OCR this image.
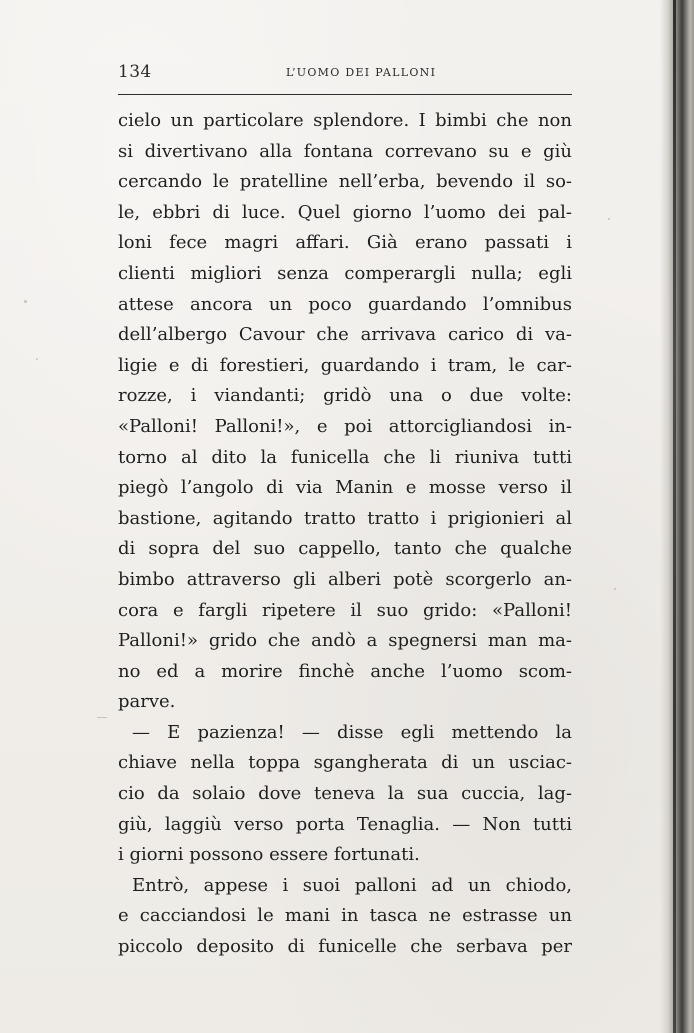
134	L’UOMO DEI PALLONI
cielo un particolare splendore. I bimbi che non
si divertivano alla fontana correvano su e giù
cercando le pratelline nell’erba, bevendo il so-
le, ebbri di luce. Quel giorno l’uomo dei pal-
loni fece magri affari. Già erano passati i
clienti migliori senza comperargli nulla; egli
attese ancora un poco guardando l’omnibus
dell’albergo Cavour che arrivava carico di va-
ligie e di forestieri, guardando i tram, le car-
rozze, i viandanti; gridò una o due volte:
«Palloni! Palloni!», e poi attorcigliandosi in-
torno al dito la funicella che li riuniva tutti
piegò l’angolo di via Manin e mosse verso il
bastione, agitando tratto tratto i prigionieri al
di sopra del suo cappello, tanto che qualche
bimbo attraverso gli alberi potè scorgerlo an-
cora e fargli ripetere il suo grido: «Palloni!
Palloni!» grido che andò a spegnersi man ma-
no ed a morire finchè anche l’uomo scom-
parve.
— E pazienza! — disse egli mettendo la
chiave nella toppa sgangherata di un usciac-
cio da solaio dove teneva la sua cuccia, lag-
giù, laggiù verso porta Tenaglia. — Non tutti
i giorni possono essere fortunati.
Entrò, appese i suoi palloni ad un chiodo,
e cacciandosi le mani in tasca ne estrasse un
piccolo deposito di funicelle che serbava per
